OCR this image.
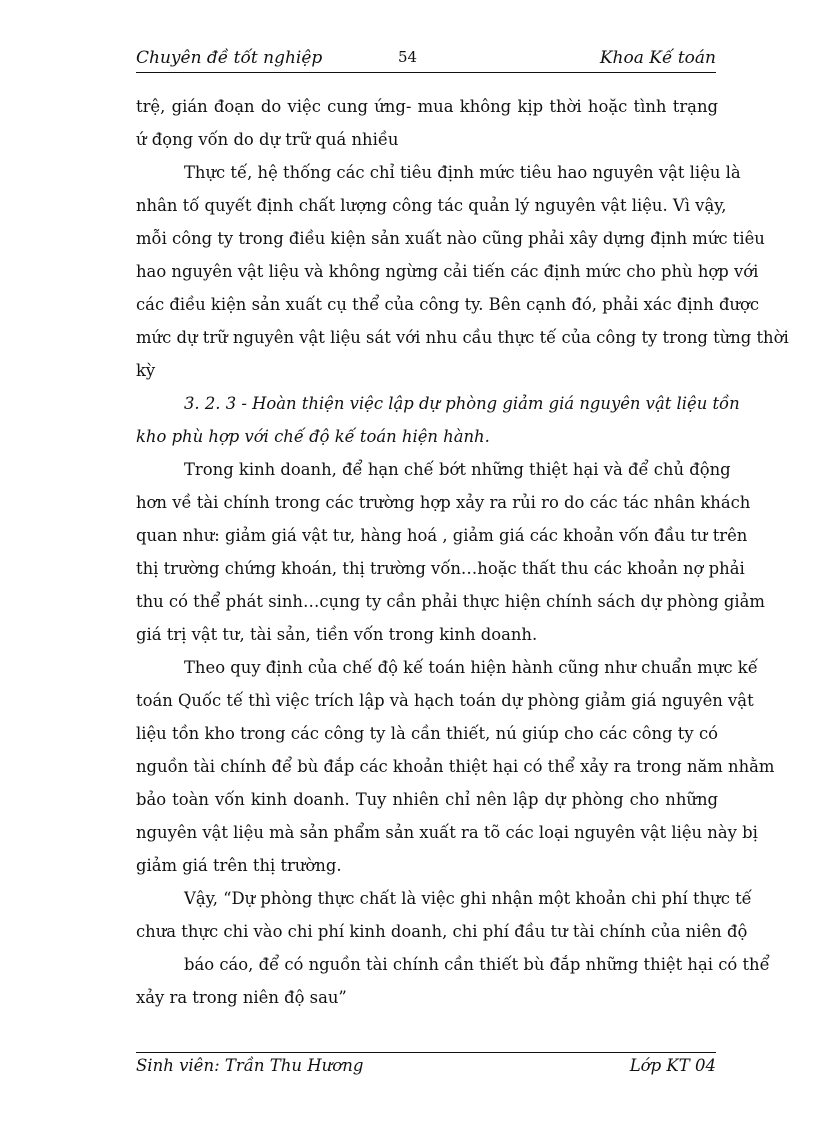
Chuyên đề tốt nghiệp	54	Khoa Kế toán
trệ, gián đoạn do việc cung ứng- mua không kịp thời hoặc tình trạng
ứ đọng vốn do dự trữ quá nhiều
Thực tế, hệ thống các chỉ tiêu định mức tiêu hao nguyên vật liệu là
nhân tố quyết định chất lượng công tác quản lý nguyên vật liệu. Vì vậy,
mỗi công ty trong điều kiện sản xuất nào cũng phải xây dựng định mức tiêu
hao nguyên vật liệu và không ngừng cải tiến các định mức cho phù hợp với
các điều kiện sản xuất cụ thể của công ty. Bên cạnh đó, phải xác định được
mức dự trữ nguyên vật liệu sát với nhu cầu thực tế của công ty trong từng thời
kỳ
3. 2. 3 - Hoàn thiện việc lập dự phòng giảm giá nguyên vật liệu tồn
kho phù hợp với chế độ kế toán hiện hành.
Trong kinh doanh, để hạn chế bớt những thiệt hại và để chủ động
hơn về tài chính trong các trường hợp xảy ra rủi ro do các tác nhân khách
quan như: giảm giá vật tư, hàng hoá , giảm giá các khoản vốn đầu tư trên
thị trường chứng khoán, thị trường vốn…hoặc thất thu các khoản nợ phải
thu có thể phát sinh…cụng ty cần phải thực hiện chính sách dự phòng giảm
giá trị vật tư, tài sản, tiền vốn trong kinh doanh.
Theo quy định của chế độ kế toán hiện hành cũng như chuẩn mực kế
toán Quốc tế thì việc trích lập và hạch toán dự phòng giảm giá nguyên vật
liệu tồn kho trong các công ty là cần thiết, nú giúp cho các công ty có
nguồn tài chính để bù đắp các khoản thiệt hại có thể xảy ra trong năm nhằm
bảo toàn vốn kinh doanh. Tuy nhiên chỉ nên lập dự phòng cho những
nguyên vật liệu mà sản phẩm sản xuất ra tõ các loại nguyên vật liệu này bị
giảm giá trên thị trường.
Vậy, “Dự phòng thực chất là việc ghi nhận một khoản chi phí thực tế
chưa thực chi vào chi phí kinh doanh, chi phí đầu tư tài chính của niên độ
báo cáo, để có nguồn tài chính cần thiết bù đắp những thiệt hại có thể
xảy ra trong niên độ sau”
Sinh viên: Trần Thu Hương	Lớp KT 04
